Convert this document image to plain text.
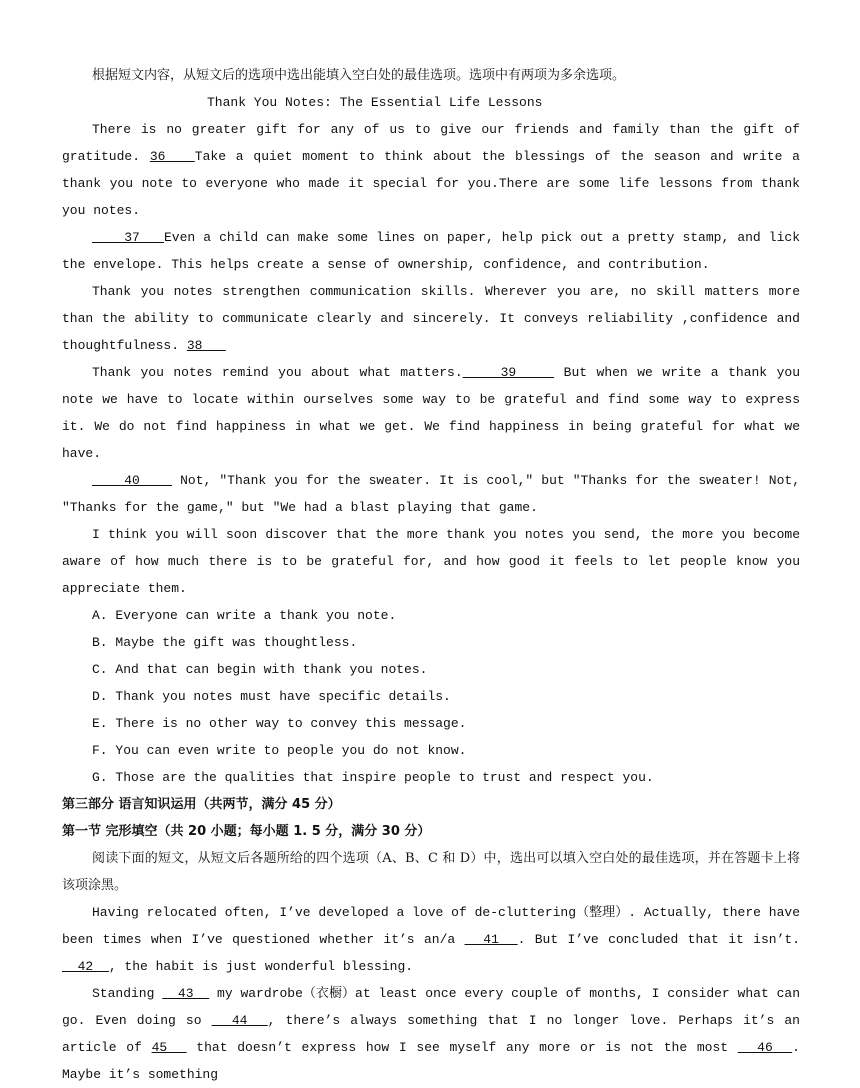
根据短文内容，从短文后的选项中选出能填入空白处的最佳选项。选项中有两项为多余选项。

Thank You Notes: The Essential Life Lessons

There is no greater gift for any of us to give our friends and family than the gift of gratitude. 36   Take a quiet moment to think about the blessings of the season and write a thank you note to everyone who made it special for you.There are some life lessons from thank you notes.

37   Even a child can make some lines on paper, help pick out a pretty stamp, and lick the envelope. This helps create a sense of ownership, confidence, and contribution.

Thank you notes strengthen communication skills. Wherever you are, no skill matters more than the ability to communicate clearly and sincerely. It conveys reliability ,confidence and thoughtfulness. 38

Thank you notes remind you about what matters.    39     But when we write a thank you note we have to locate within ourselves some way to be grateful and find some way to express it. We do not find happiness in what we get. We find happiness in being grateful for what we have.

40     Not, "Thank you for the sweater. It is cool," but "Thanks for the sweater! Not, "Thanks for the game," but "We had a blast playing that game.

I think you will soon discover that the more thank you notes you send, the more you become aware of how much there is to be grateful for, and how good it feels to let people know you appreciate them.

A. Everyone can write a thank you note.

B. Maybe the gift was thoughtless.

C. And that can begin with thank you notes.

D. Thank you notes must have specific details.

E. There is no other way to convey this message.

F. You can even write to people you do not know.

G. Those are the qualities that inspire people to trust and respect you.

第三部分 语言知识运用（共两节，满分 45 分）

第一节 完形填空（共 20 小题；每小题 1. 5 分，满分 30 分）

阅读下面的短文，从短文后各题所给的四个选项（A、B、C 和 D）中，选出可以填入空白处的最佳选项，并在答题卡上将该项涂黑。

Having relocated often, I’ve developed a love of de-cluttering（整理）. Actually, there have been times when I’ve questioned whether it’s an/a   41  . But I’ve concluded that it isn’t.   42  , the habit is just wonderful blessing.

Standing   43   my wardrobe（衣橱）at least once every couple of months, I consider what can go. Even doing so   44  , there’s always something that I no longer love. Perhaps it’s an article of 45   that doesn’t express how I see myself any more or is not the most   46  . Maybe it’s something
